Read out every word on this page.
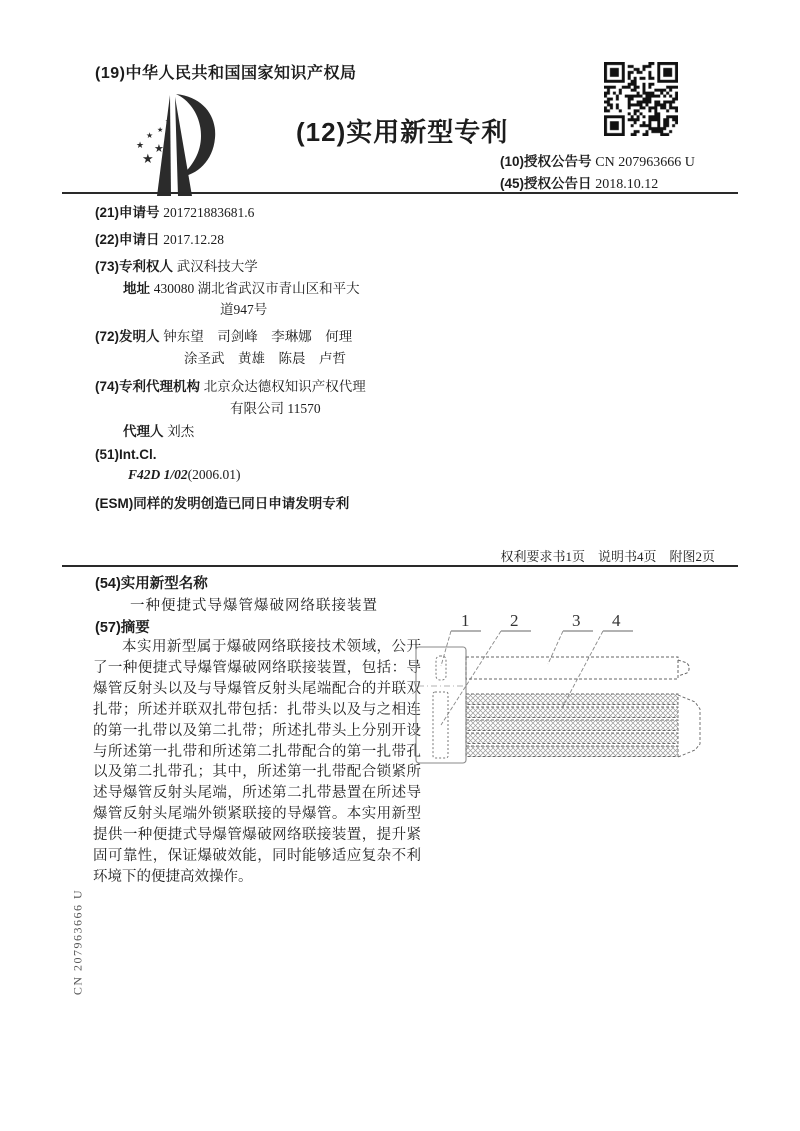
(19)中华人民共和国国家知识产权局
★
★
★
★
★
★	(12)实用新型专利
(10)授权公告号 CN 207963666 U
(45)授权公告日 2018.10.12
(21)申请号 201721883681.6
(22)申请日 2017.12.28
(73)专利权人 武汉科技大学
地址 430080 湖北省武汉市青山区和平大
道947号
(72)发明人 钟东望　司剑峰　李琳娜　何理
涂圣武　黄雄　陈晨　卢哲
(74)专利代理机构 北京众达德权知识产权代理
有限公司 11570
代理人 刘杰
(51)Int.Cl.
F42D 1/02(2006.01)
(ESM)同样的发明创造已同日申请发明专利
权利要求书1页　说明书4页　附图2页
(54)实用新型名称
一种便捷式导爆管爆破网络联接装置
(57)摘要
本实用新型属于爆破网络联接技术领域，公开了一种便捷式导爆管爆破网络联接装置，包括：导爆管反射头以及与导爆管反射头尾端配合的并联双扎带；所述并联双扎带包括：扎带头以及与之相连的第一扎带以及第二扎带；所述扎带头上分别开设与所述第一扎带和所述第二扎带配合的第一扎带孔以及第二扎带孔；其中，所述第一扎带配合锁紧所述导爆管反射头尾端，所述第二扎带悬置在所述导爆管反射头尾端外锁紧联接的导爆管。本实用新型提供一种便捷式导爆管爆破网络联接装置，提升紧固可靠性，保证爆破效能，同时能够适应复杂不利环境下的便捷高效操作。
1 2	3 4
CN 207963666 U
